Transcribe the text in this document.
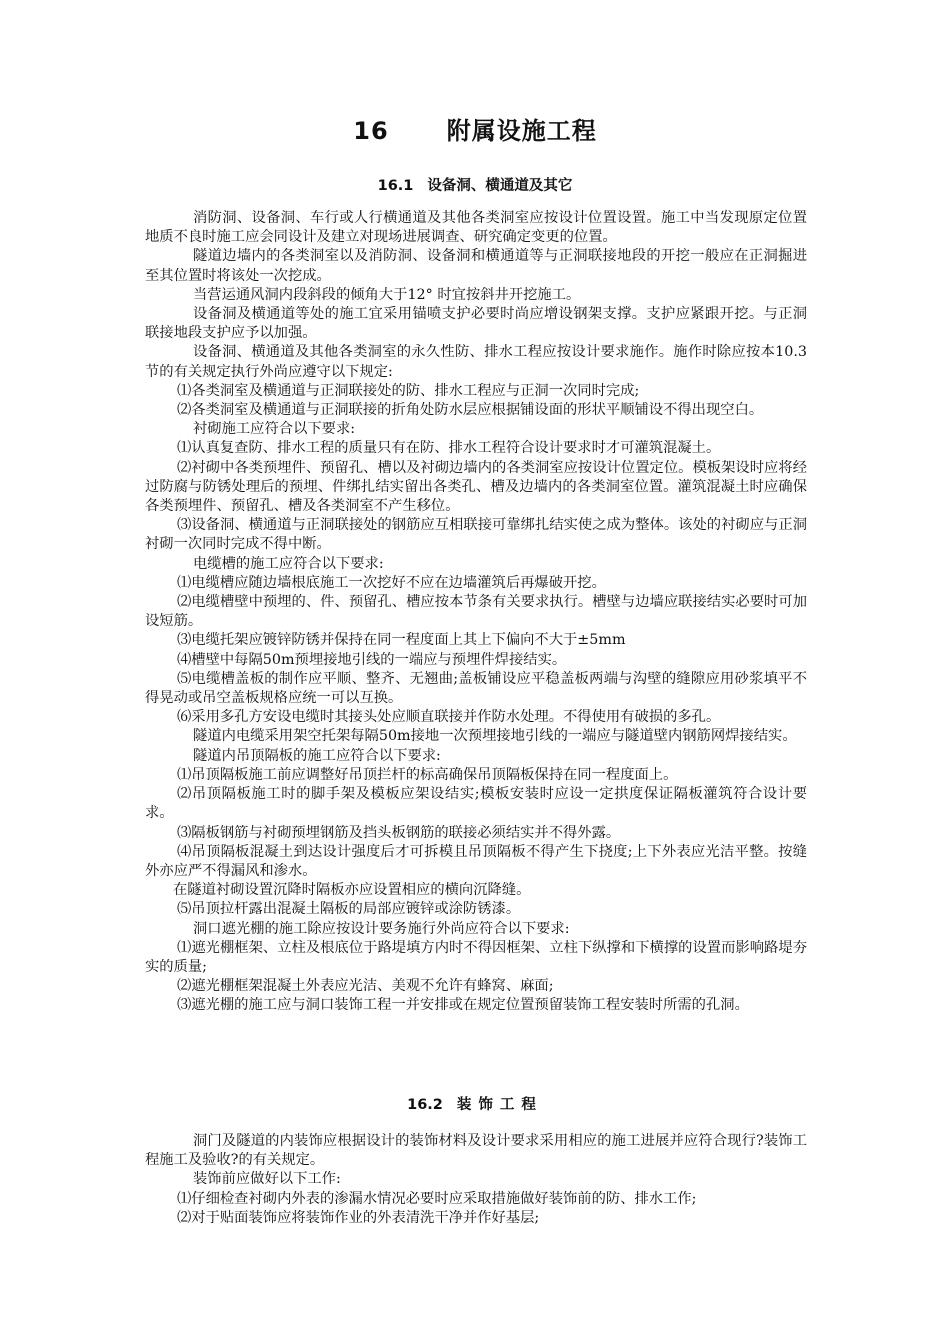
16 附属设施工程
16.1 设备洞、横通道及其它

消防洞、设备洞、车行或人行横通道及其他各类洞室应按设计位置设置。施工中当发现原定位置地质不良时施工应会同设计及建立对现场进展调查、研究确定变更的位置。

隧道边墙内的各类洞室以及消防洞、设备洞和横通道等与正洞联接地段的开挖一般应在正洞掘进至其位置时将该处一次挖成。

当营运通风洞内段斜段的倾角大于12° 时宜按斜井开挖施工。

设备洞及横通道等处的施工宜采用锚喷支护必要时尚应增设钢架支撑。支护应紧跟开挖。与正洞联接地段支护应予以加强。

设备洞、横通道及其他各类洞室的永久性防、排水工程应按设计要求施作。施作时除应按本10.3节的有关规定执行外尚应遵守以下规定:

⑴各类洞室及横通道与正洞联接处的防、排水工程应与正洞一次同时完成;

⑵各类洞室及横通道与正洞联接的折角处防水层应根据铺设面的形状平顺铺设不得出现空白。

衬砌施工应符合以下要求:

⑴认真复查防、排水工程的质量只有在防、排水工程符合设计要求时才可灌筑混凝土。

⑵衬砌中各类预埋件、预留孔、槽以及衬砌边墙内的各类洞室应按设计位置定位。模板架设时应将经过防腐与防锈处理后的预埋、件绑扎结实留出各类孔、槽及边墙内的各类洞室位置。灌筑混凝土时应确保各类预埋件、预留孔、槽及各类洞室不产生移位。

⑶设备洞、横通道与正洞联接处的钢筋应互相联接可靠绑扎结实使之成为整体。该处的衬砌应与正洞衬砌一次同时完成不得中断。

电缆槽的施工应符合以下要求:

⑴电缆槽应随边墙根底施工一次挖好不应在边墙灌筑后再爆破开挖。

⑵电缆槽壁中预埋的、件、预留孔、槽应按本节条有关要求执行。槽壁与边墙应联接结实必要时可加设短筋。

⑶电缆托架应镀锌防锈并保持在同一程度面上其上下偏向不大于±5mm

⑷槽壁中每隔50m预埋接地引线的一端应与预埋件焊接结实。

⑸电缆槽盖板的制作应平顺、整齐、无翘曲;盖板铺设应平稳盖板两端与沟壁的缝隙应用砂浆填平不得晃动或吊空盖板规格应统一可以互换。

⑹采用多孔方安设电缆时其接头处应顺直联接并作防水处理。不得使用有破损的多孔。

隧道内电缆采用架空托架每隔50m接地一次预埋接地引线的一端应与隧道壁内钢筋网焊接结实。

隧道内吊顶隔板的施工应符合以下要求:

⑴吊顶隔板施工前应调整好吊顶拦杆的标高确保吊顶隔板保持在同一程度面上。

⑵吊顶隔板施工时的脚手架及模板应架设结实;模板安装时应设一定拱度保证隔板灌筑符合设计要求。

⑶隔板钢筋与衬砌预埋钢筋及挡头板钢筋的联接必须结实并不得外露。

⑷吊顶隔板混凝土到达设计强度后才可拆模且吊顶隔板不得产生下挠度;上下外表应光洁平整。按缝外亦应严不得漏风和渗水。

在隧道衬砌设置沉降时隔板亦应设置相应的横向沉降缝。

⑸吊顶拉杆露出混凝土隔板的局部应镀锌或涂防锈漆。

洞口遮光棚的施工除应按设计要务施行外尚应符合以下要求:

⑴遮光棚框架、立柱及根底位于路堤填方内时不得因框架、立柱下纵撑和下横撑的设置而影响路堤夯实的质量;

⑵遮光棚框架混凝土外表应光洁、美观不允许有蜂窝、麻面;

⑶遮光棚的施工应与洞口装饰工程一并安排或在规定位置预留装饰工程安装时所需的孔洞。

16.2 装饰工程

洞门及隧道的内装饰应根据设计的装饰材料及设计要求采用相应的施工进展并应符合现行?装饰工程施工及验收?的有关规定。

装饰前应做好以下工作:

⑴仔细检查衬砌内外表的渗漏水情况必要时应采取措施做好装饰前的防、排水工作;

⑵对于贴面装饰应将装饰作业的外表清洗干净并作好基层;
